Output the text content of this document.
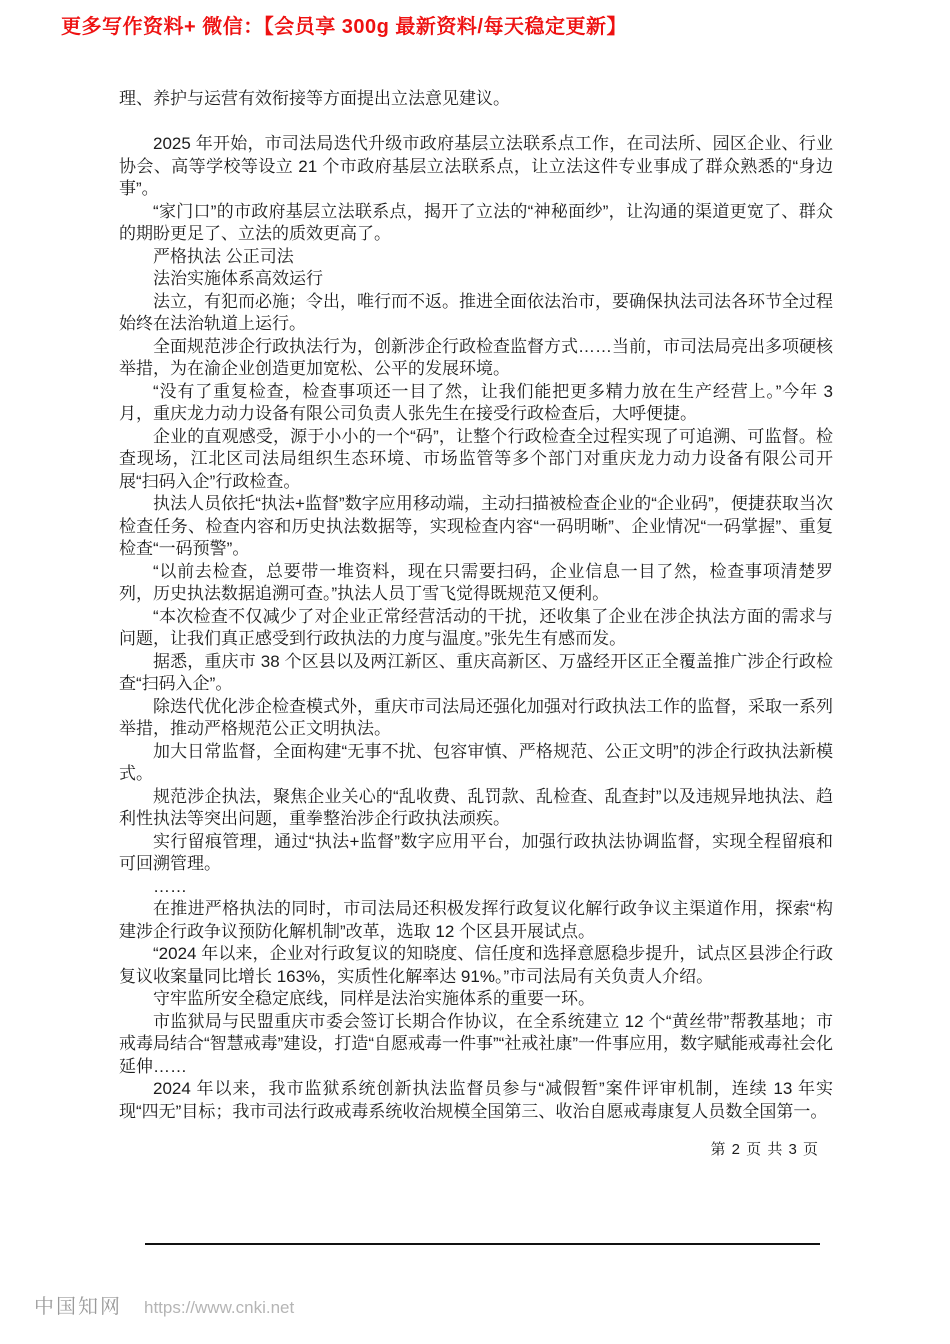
更多写作资料+ 微信：【会员享 300g 最新资料/每天稳定更新】

理、养护与运营有效衔接等方面提出立法意见建议。

2025 年开始，市司法局迭代升级市政府基层立法联系点工作，在司法所、园区企业、行业协会、高等学校等设立 21 个市政府基层立法联系点，让立法这件专业事成了群众熟悉的“身边事”。

“家门口”的市政府基层立法联系点，揭开了立法的“神秘面纱”，让沟通的渠道更宽了、群众的期盼更足了、立法的质效更高了。

严格执法 公正司法

法治实施体系高效运行

法立，有犯而必施；令出，唯行而不返。推进全面依法治市，要确保执法司法各环节全过程始终在法治轨道上运行。

全面规范涉企行政执法行为，创新涉企行政检查监督方式……当前，市司法局亮出多项硬核举措，为在渝企业创造更加宽松、公平的发展环境。

“没有了重复检查，检查事项还一目了然，让我们能把更多精力放在生产经营上。”今年 3 月，重庆龙力动力设备有限公司负责人张先生在接受行政检查后，大呼便捷。

企业的直观感受，源于小小的一个“码”，让整个行政检查全过程实现了可追溯、可监督。检查现场，江北区司法局组织生态环境、市场监管等多个部门对重庆龙力动力设备有限公司开展“扫码入企”行政检查。

执法人员依托“执法+监督”数字应用移动端，主动扫描被检查企业的“企业码”，便捷获取当次检查任务、检查内容和历史执法数据等，实现检查内容“一码明晰”、企业情况“一码掌握”、重复检查“一码预警”。

“以前去检查，总要带一堆资料，现在只需要扫码，企业信息一目了然，检查事项清楚罗列，历史执法数据追溯可查。”执法人员丁雪飞觉得既规范又便利。

“本次检查不仅减少了对企业正常经营活动的干扰，还收集了企业在涉企执法方面的需求与问题，让我们真正感受到行政执法的力度与温度。”张先生有感而发。

据悉，重庆市 38 个区县以及两江新区、重庆高新区、万盛经开区正全覆盖推广涉企行政检查“扫码入企”。

除迭代优化涉企检查模式外，重庆市司法局还强化加强对行政执法工作的监督，采取一系列举措，推动严格规范公正文明执法。

加大日常监督，全面构建“无事不扰、包容审慎、严格规范、公正文明”的涉企行政执法新模式。

规范涉企执法，聚焦企业关心的“乱收费、乱罚款、乱检查、乱查封”以及违规异地执法、趋利性执法等突出问题，重拳整治涉企行政执法顽疾。

实行留痕管理，通过“执法+监督”数字应用平台，加强行政执法协调监督，实现全程留痕和可回溯管理。

……

在推进严格执法的同时，市司法局还积极发挥行政复议化解行政争议主渠道作用，探索“构建涉企行政争议预防化解机制”改革，选取 12 个区县开展试点。

“2024 年以来，企业对行政复议的知晓度、信任度和选择意愿稳步提升，试点区县涉企行政复议收案量同比增长 163%，实质性化解率达 91%。”市司法局有关负责人介绍。

守牢监所安全稳定底线，同样是法治实施体系的重要一环。

市监狱局与民盟重庆市委会签订长期合作协议，在全系统建立 12 个“黄丝带”帮教基地；市戒毒局结合“智慧戒毒”建设，打造“自愿戒毒一件事”“社戒社康”一件事应用，数字赋能戒毒社会化延伸……

2024 年以来，我市监狱系统创新执法监督员参与“减假暂”案件评审机制，连续 13 年实现“四无”目标；我市司法行政戒毒系统收治规模全国第三、收治自愿戒毒康复人员数全国第一。

第 2 页 共 3 页
中国知网 https://www.cnki.net
